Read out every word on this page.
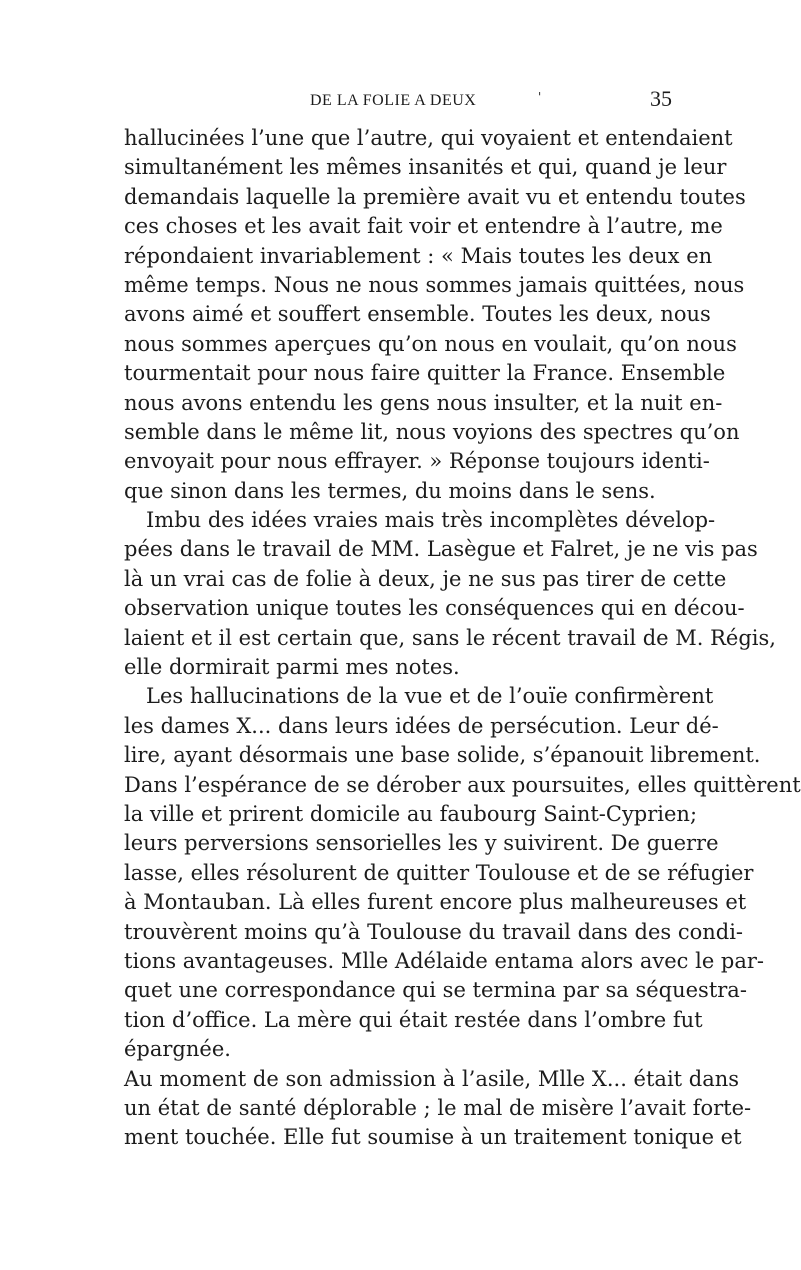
DE LA FOLIE A DEUX	'	35
hallucinées l’une que l’autre, qui voyaient et entendaient
simultanément les mêmes insanités et qui, quand je leur
demandais laquelle la première avait vu et entendu toutes
ces choses et les avait fait voir et entendre à l’autre, me
répondaient invariablement : « Mais toutes les deux en
même temps. Nous ne nous sommes jamais quittées, nous
avons aimé et souffert ensemble. Toutes les deux, nous
nous sommes aperçues qu’on nous en voulait, qu’on nous
tourmentait pour nous faire quitter la France. Ensemble
nous avons entendu les gens nous insulter, et la nuit en-
semble dans le même lit, nous voyions des spectres qu’on
envoyait pour nous effrayer. » Réponse toujours identi-
que sinon dans les termes, du moins dans le sens.
Imbu des idées vraies mais très incomplètes dévelop-
pées dans le travail de MM. Lasègue et Falret, je ne vis pas
là un vrai cas de folie à deux, je ne sus pas tirer de cette
observation unique toutes les conséquences qui en décou-
laient et il est certain que, sans le récent travail de M. Régis,
elle dormirait parmi mes notes.
Les hallucinations de la vue et de l’ouïe confirmèrent
les dames X... dans leurs idées de persécution. Leur dé-
lire, ayant désormais une base solide, s’épanouit librement.
Dans l’espérance de se dérober aux poursuites, elles quittèrent
la ville et prirent domicile au faubourg Saint-Cyprien;
leurs perversions sensorielles les y suivirent. De guerre
lasse, elles résolurent de quitter Toulouse et de se réfugier
à Montauban. Là elles furent encore plus malheureuses et
trouvèrent moins qu’à Toulouse du travail dans des condi-
tions avantageuses. Mlle Adélaide entama alors avec le par-
quet une correspondance qui se termina par sa séquestra-
tion d’office. La mère qui était restée dans l’ombre fut
épargnée.
Au moment de son admission à l’asile, Mlle X... était dans
un état de santé déplorable ; le mal de misère l’avait forte-
ment touchée. Elle fut soumise à un traitement tonique et
